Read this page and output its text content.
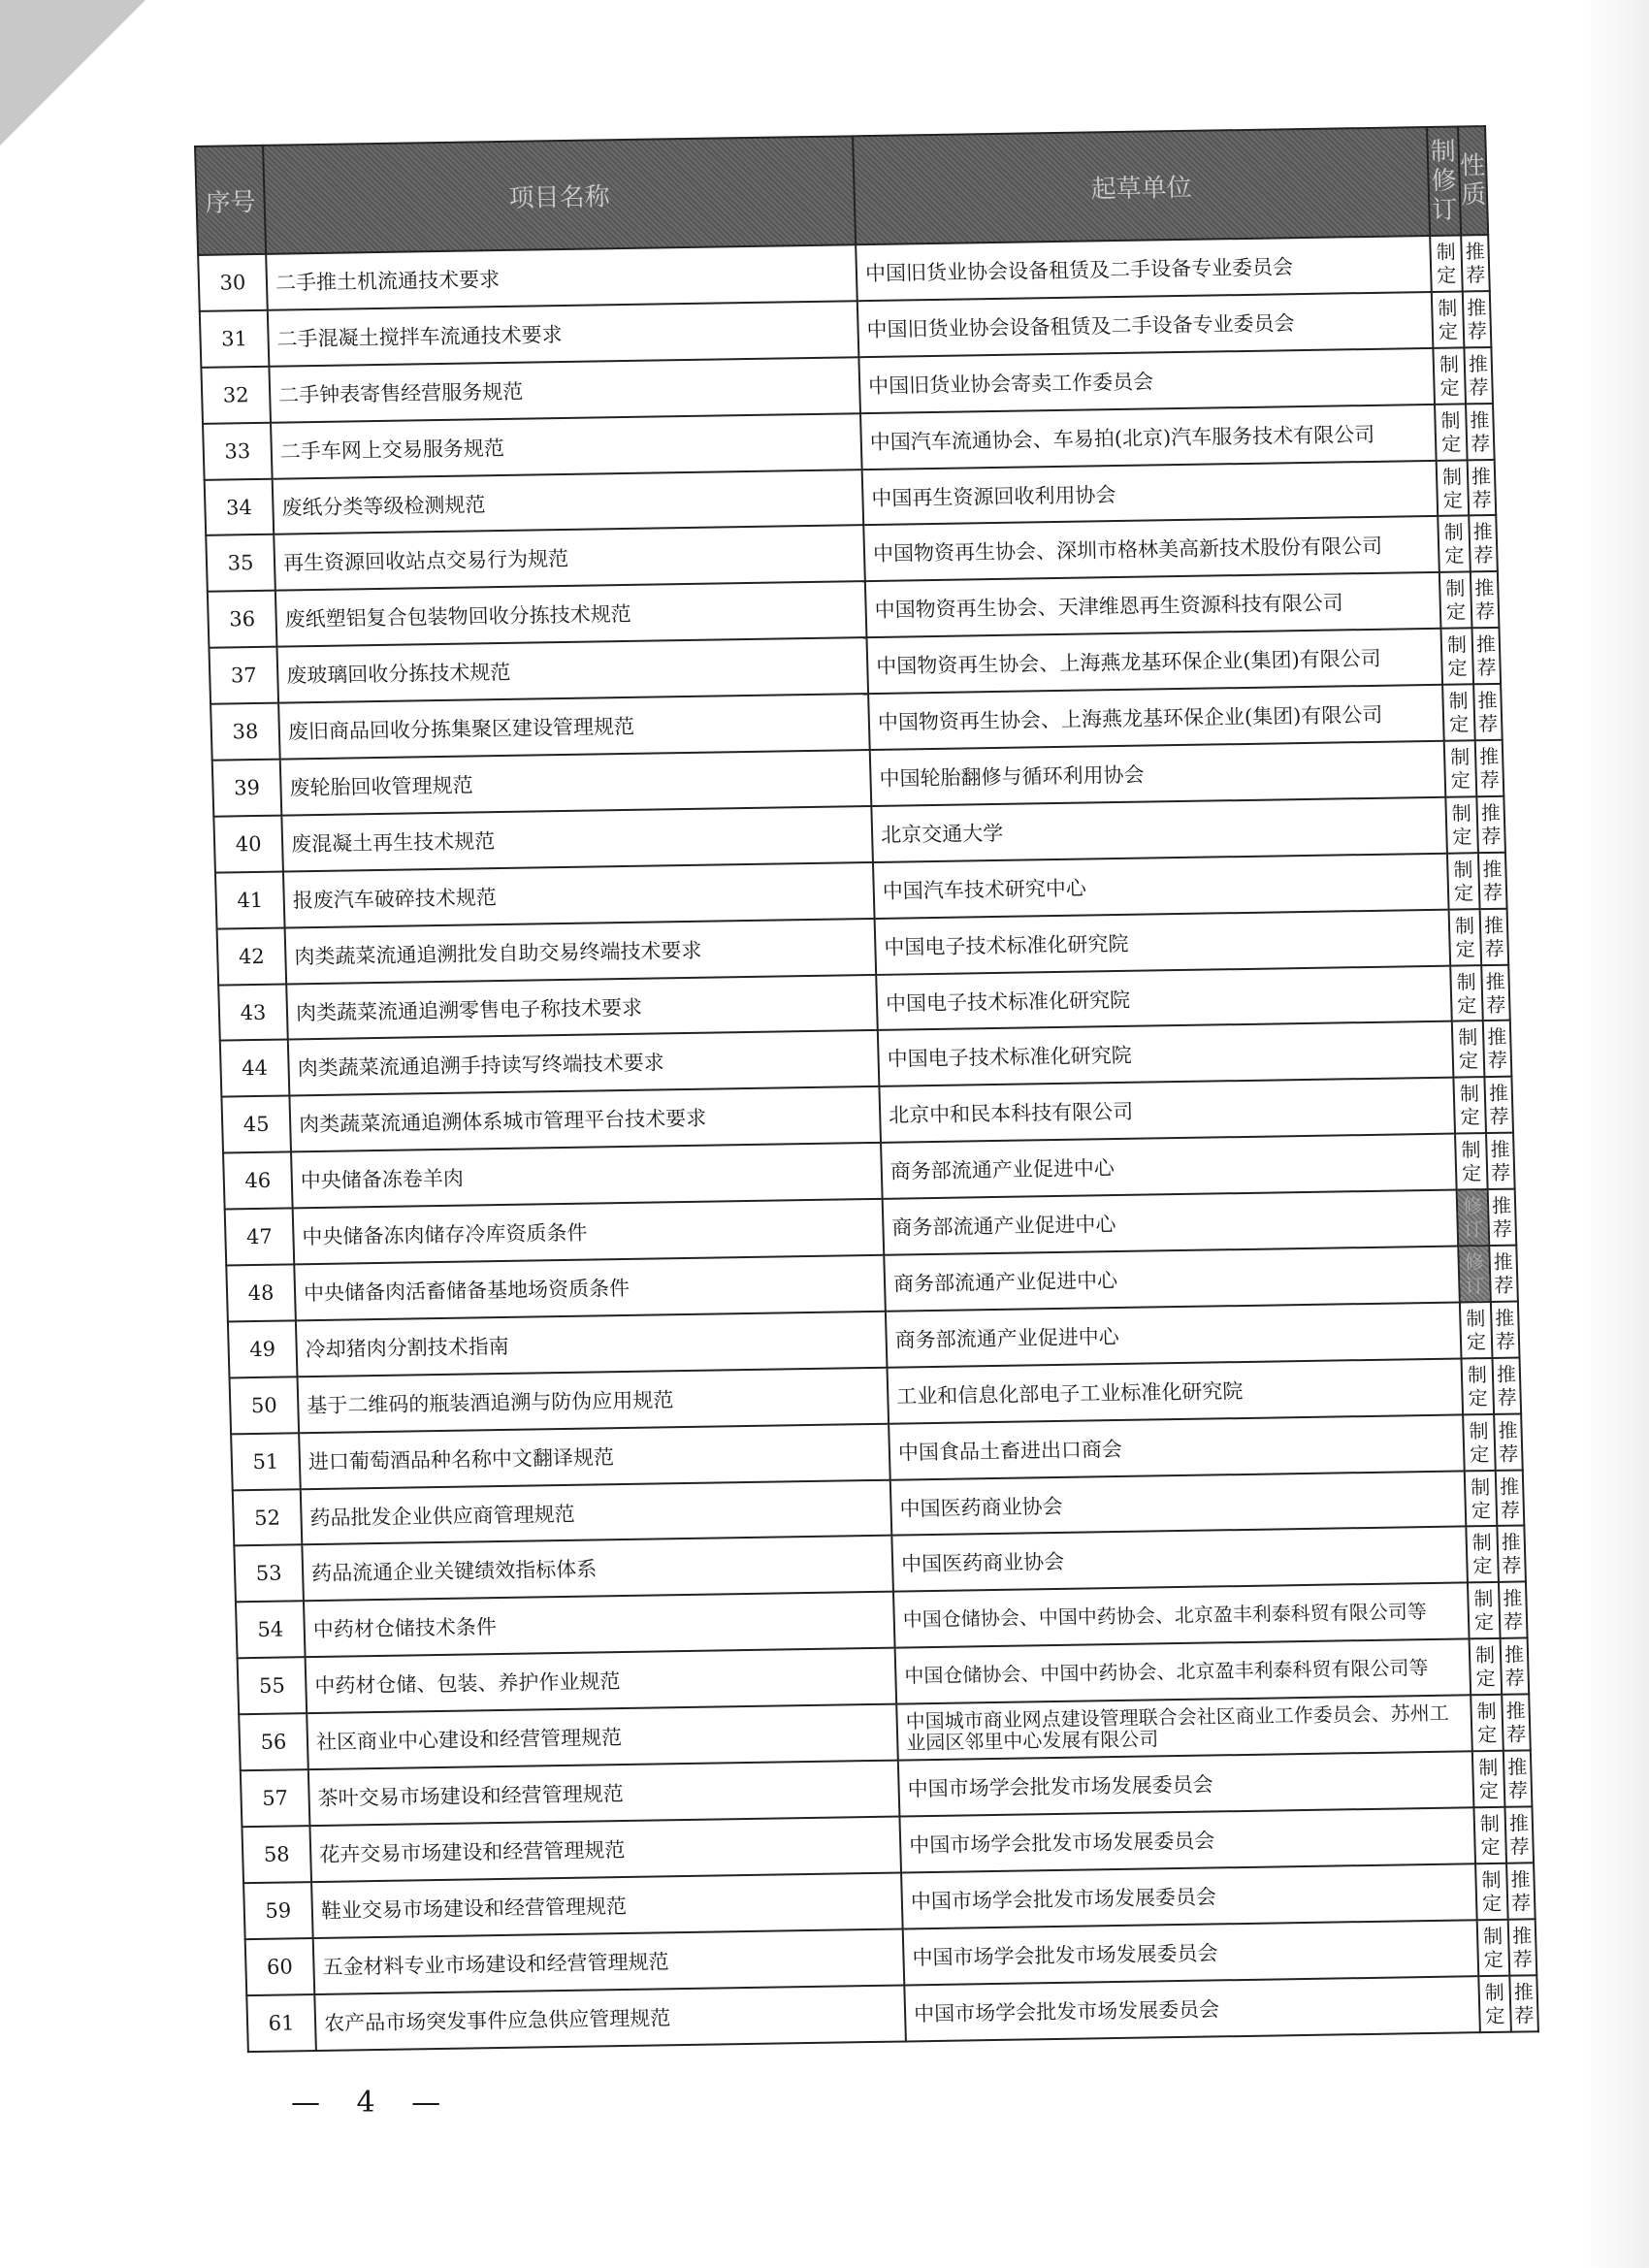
序号	项目名称	起草单位	制修订	性质

30	二手推土机流通技术要求	中国旧货业协会设备租赁及二手设备专业委员会	制定	推荐
31	二手混凝土搅拌车流通技术要求	中国旧货业协会设备租赁及二手设备专业委员会	制定	推荐
32	二手钟表寄售经营服务规范	中国旧货业协会寄卖工作委员会	制定	推荐
33	二手车网上交易服务规范	中国汽车流通协会、车易拍(北京)汽车服务技术有限公司	制定	推荐
34	废纸分类等级检测规范	中国再生资源回收利用协会	制定	推荐
35	再生资源回收站点交易行为规范	中国物资再生协会、深圳市格林美高新技术股份有限公司	制定	推荐
36	废纸塑铝复合包装物回收分拣技术规范	中国物资再生协会、天津维恩再生资源科技有限公司	制定	推荐
37	废玻璃回收分拣技术规范	中国物资再生协会、上海燕龙基环保企业(集团)有限公司	制定	推荐
38	废旧商品回收分拣集聚区建设管理规范	中国物资再生协会、上海燕龙基环保企业(集团)有限公司	制定	推荐
39	废轮胎回收管理规范	中国轮胎翻修与循环利用协会	制定	推荐
40	废混凝土再生技术规范	北京交通大学	制定	推荐
41	报废汽车破碎技术规范	中国汽车技术研究中心	制定	推荐
42	肉类蔬菜流通追溯批发自助交易终端技术要求	中国电子技术标准化研究院	制定	推荐
43	肉类蔬菜流通追溯零售电子称技术要求	中国电子技术标准化研究院	制定	推荐
44	肉类蔬菜流通追溯手持读写终端技术要求	中国电子技术标准化研究院	制定	推荐
45	肉类蔬菜流通追溯体系城市管理平台技术要求	北京中和民本科技有限公司	制定	推荐
46	中央储备冻卷羊肉	商务部流通产业促进中心	制定	推荐
47	中央储备冻肉储存冷库资质条件	商务部流通产业促进中心	修订	推荐
48	中央储备肉活畜储备基地场资质条件	商务部流通产业促进中心	修订	推荐
49	冷却猪肉分割技术指南	商务部流通产业促进中心	制定	推荐
50	基于二维码的瓶装酒追溯与防伪应用规范	工业和信息化部电子工业标准化研究院	制定	推荐
51	进口葡萄酒品种名称中文翻译规范	中国食品土畜进出口商会	制定	推荐
52	药品批发企业供应商管理规范	中国医药商业协会	制定	推荐
53	药品流通企业关键绩效指标体系	中国医药商业协会	制定	推荐
54	中药材仓储技术条件	中国仓储协会、中国中药协会、北京盈丰利泰科贸有限公司等	制定	推荐
55	中药材仓储、包装、养护作业规范	中国仓储协会、中国中药协会、北京盈丰利泰科贸有限公司等	制定	推荐
56	社区商业中心建设和经营管理规范	中国城市商业网点建设管理联合会社区商业工作委员会、苏州工业园区邻里中心发展有限公司	制定	推荐
57	茶叶交易市场建设和经营管理规范	中国市场学会批发市场发展委员会	制定	推荐
58	花卉交易市场建设和经营管理规范	中国市场学会批发市场发展委员会	制定	推荐
59	鞋业交易市场建设和经营管理规范	中国市场学会批发市场发展委员会	制定	推荐
60	五金材料专业市场建设和经营管理规范	中国市场学会批发市场发展委员会	制定	推荐
61	农产品市场突发事件应急供应管理规范	中国市场学会批发市场发展委员会	制定	推荐
— 4 —
